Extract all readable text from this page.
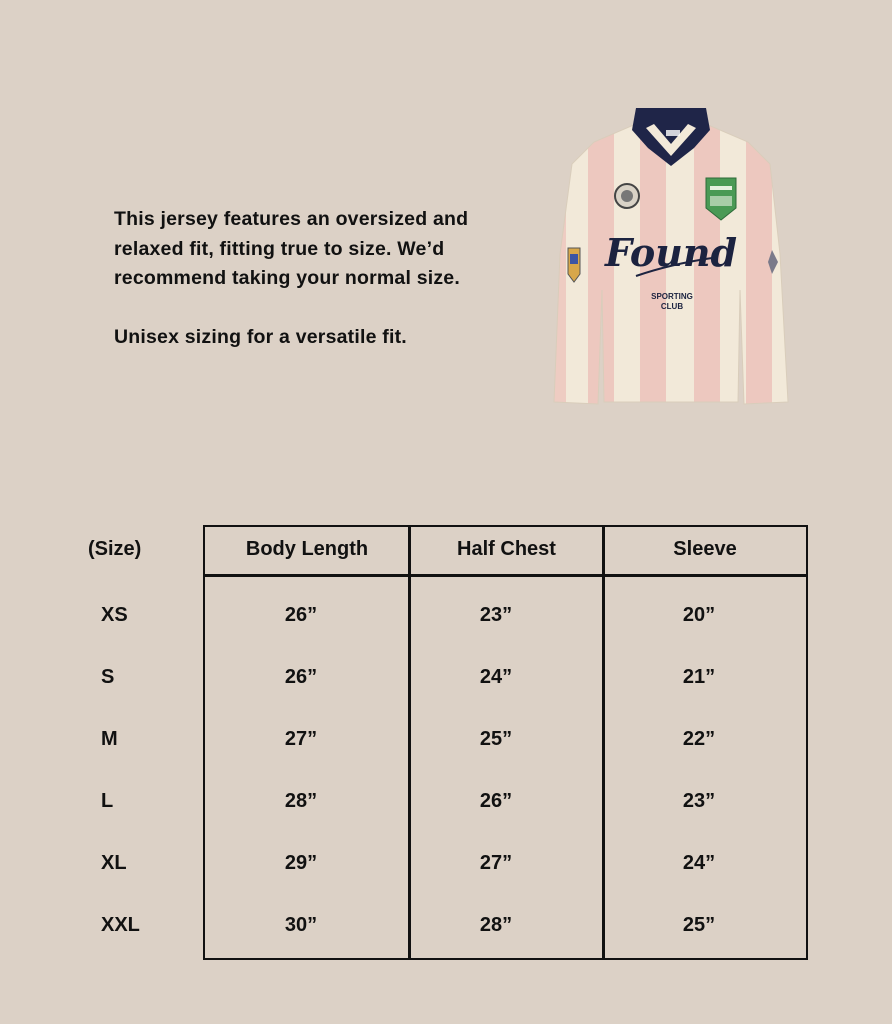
This jersey features an oversized and relaxed fit, fitting true to size. We’d recommend taking your normal size.

Unisex sizing for a versatile fit.

Found
SPORTING
CLUB
(Size)	Body Length	Half Chest	Sleeve
XS	26”	23”	20”
S	26”	24”	21”
M	27”	25”	22”
L	28”	26”	23”
XL	29”	27”	24”
XXL	30”	28”	25”
